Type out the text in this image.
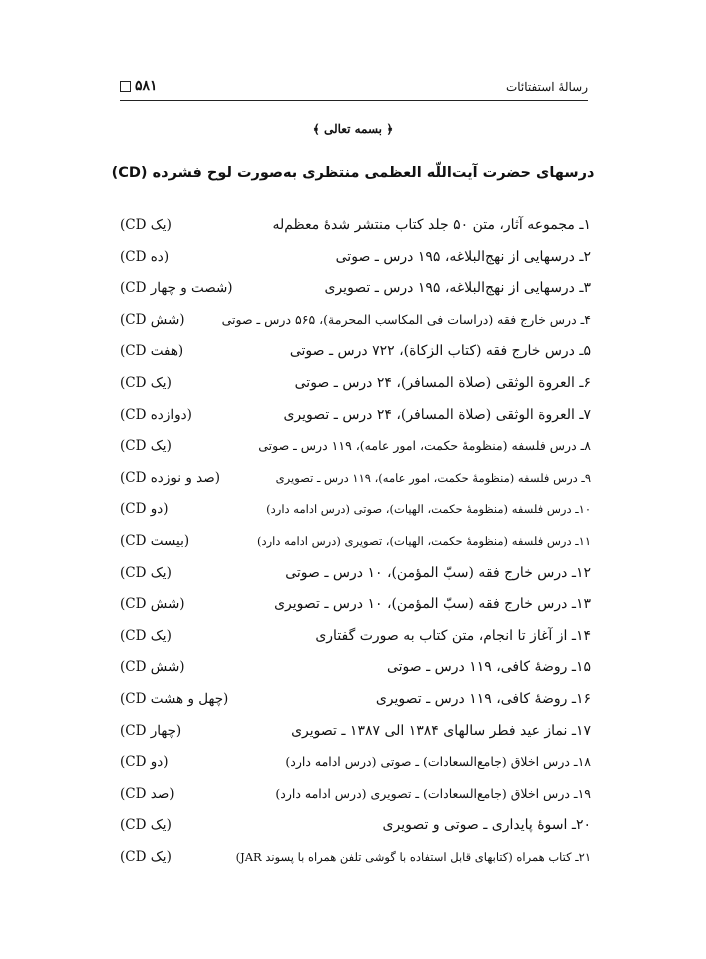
۵۸۱	رسالهٔ استفتائات
﴿ بسمه تعالی ﴾
درسهای حضرت آیت‌اللّه العظمی منتظری به‌صورت لوح فشرده (CD)
۱ـ مجموعه آثار، متن ۵۰ جلد کتاب منتشر شدهٔ معظم‌له
(یک CD)
۲ـ درسهایی از نهج‌البلاغه، ۱۹۵ درس ـ صوتی
(ده CD)
۳ـ درسهایی از نهج‌البلاغه، ۱۹۵ درس ـ تصویری
(شصت و چهار CD)
۴ـ درس خارج فقه (دراسات فی المکاسب المحرمة)، ۵۶۵ درس ـ صوتی
(شش CD)
۵ـ درس خارج فقه (کتاب الزکاة)، ۷۲۲ درس ـ صوتی
(هفت CD)
۶ـ العروة الوثقی (صلاة المسافر)، ۲۴ درس ـ صوتی
(یک CD)
۷ـ العروة الوثقی (صلاة المسافر)، ۲۴ درس ـ تصویری
(دوازده CD)
۸ـ درس فلسفه (منظومهٔ حکمت، امور عامه)، ۱۱۹ درس ـ صوتی
(یک CD)
۹ـ درس فلسفه (منظومهٔ حکمت، امور عامه)، ۱۱۹ درس ـ تصویری
(صد و نوزده CD)
۱۰ـ درس فلسفه (منظومهٔ حکمت، الهیات)، صوتی (درس ادامه دارد)
(دو CD)
۱۱ـ درس فلسفه (منظومهٔ حکمت، الهیات)، تصویری (درس ادامه دارد)
(بیست CD)
۱۲ـ درس خارج فقه (سبّ المؤمن)، ۱۰ درس ـ صوتی
(یک CD)
۱۳ـ درس خارج فقه (سبّ المؤمن)، ۱۰ درس ـ تصویری
(شش CD)
۱۴ـ از آغاز تا انجام، متن کتاب به صورت گفتاری
(یک CD)
۱۵ـ روضهٔ کافی، ۱۱۹ درس ـ صوتی
(شش CD)
۱۶ـ روضهٔ کافی، ۱۱۹ درس ـ تصویری
(چهل و هشت CD)
۱۷ـ نماز عید فطر سالهای ۱۳۸۴ الی ۱۳۸۷ ـ تصویری
(چهار CD)
۱۸ـ درس اخلاق (جامع‌السعادات) ـ صوتی (درس ادامه دارد)
(دو CD)
۱۹ـ درس اخلاق (جامع‌السعادات) ـ تصویری (درس ادامه دارد)
(صد CD)
۲۰ـ اسوهٔ پایداری ـ صوتی و تصویری
(یک CD)
۲۱ـ کتاب همراه (کتابهای قابل استفاده با گوشی تلفن همراه با پسوند JAR)
(یک CD)
